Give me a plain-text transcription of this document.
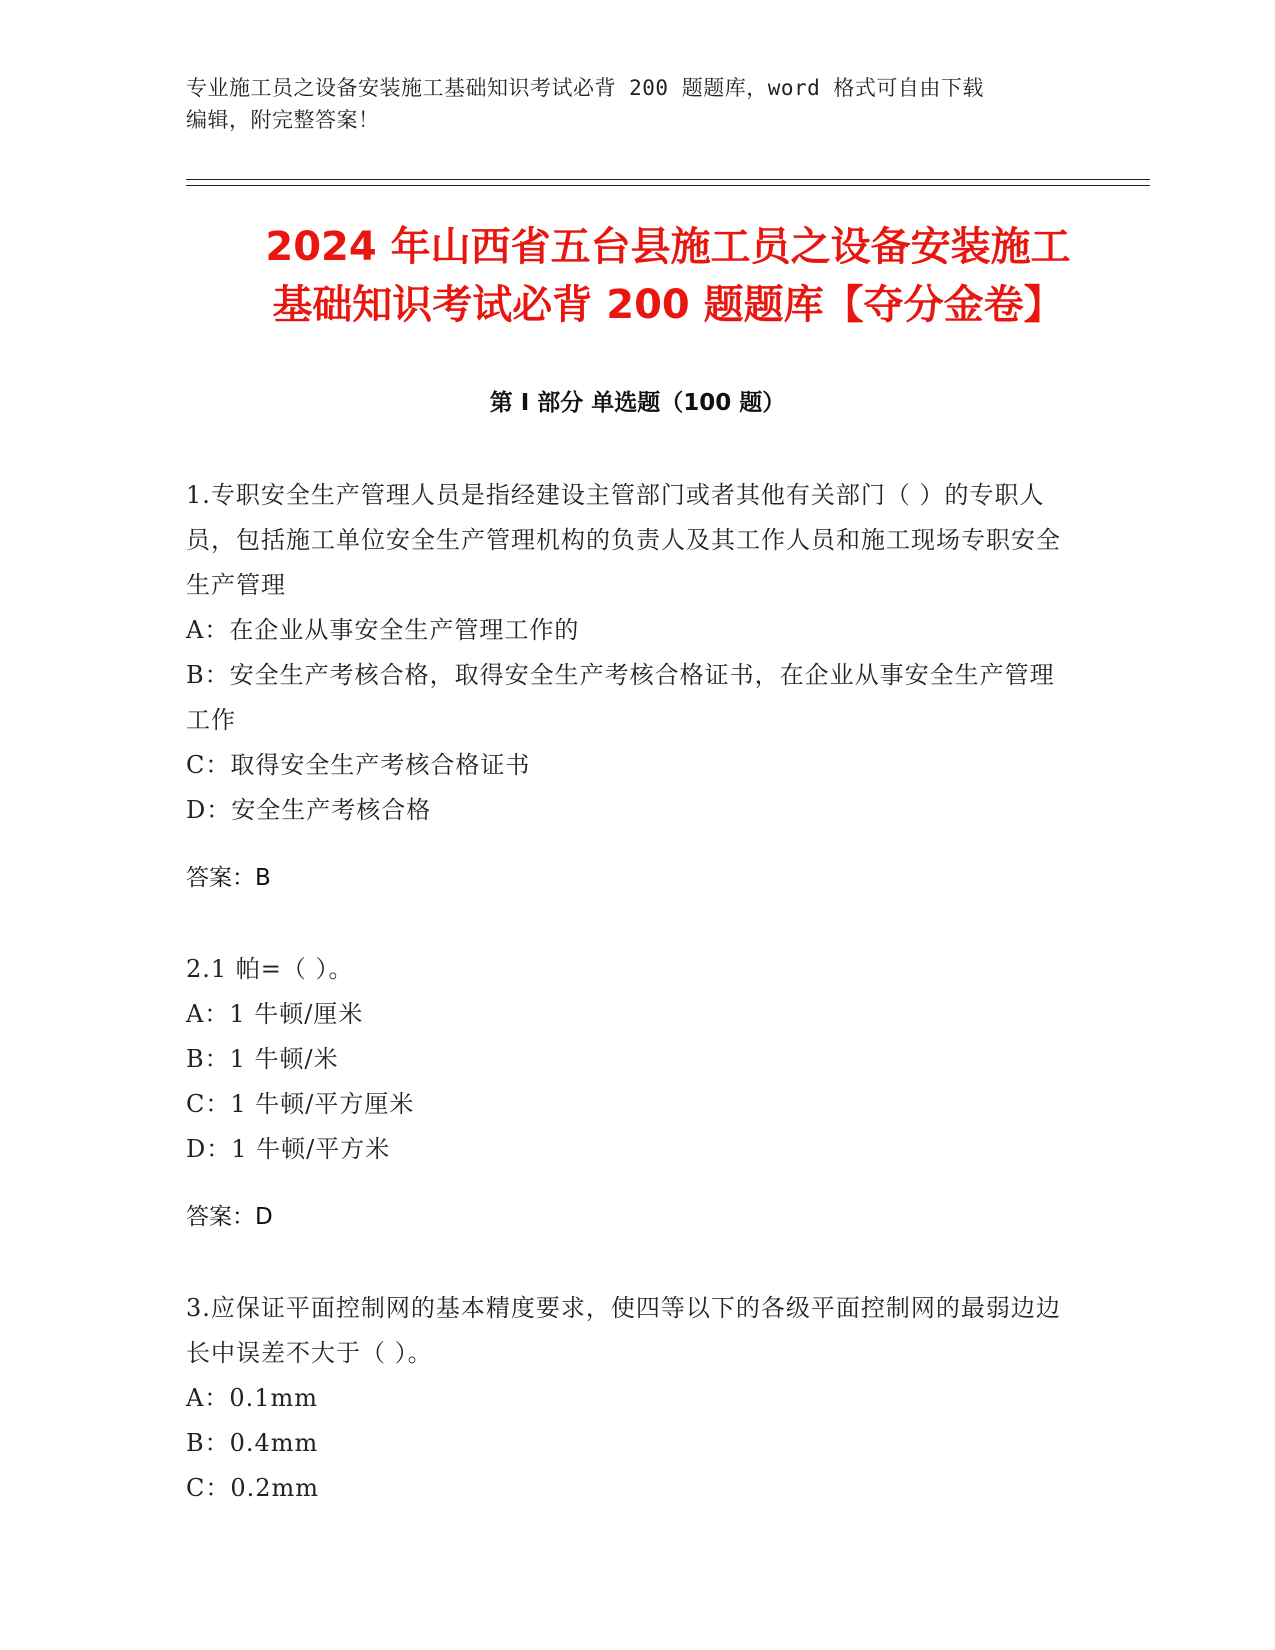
专业施工员之设备安装施工基础知识考试必背 200 题题库，word 格式可自由下载
编辑，附完整答案！
2024 年山西省五台县施工员之设备安装施工
基础知识考试必背 200 题题库【夺分金卷】
第 I 部分 单选题（100 题）

1.专职安全生产管理人员是指经建设主管部门或者其他有关部门（ ）的专职人员，包括施工单位安全生产管理机构的负责人及其工作人员和施工现场专职安全生产管理

A：在企业从事安全生产管理工作的

B：安全生产考核合格，取得安全生产考核合格证书，在企业从事安全生产管理工作

C：取得安全生产考核合格证书

D：安全生产考核合格

答案：B

2.1 帕=（ ）。

A：1 牛顿/厘米

B：1 牛顿/米

C：1 牛顿/平方厘米

D：1 牛顿/平方米

答案：D

3.应保证平面控制网的基本精度要求，使四等以下的各级平面控制网的最弱边边长中误差不大于（ ）。

A：0.1mm

B：0.4mm

C：0.2mm
